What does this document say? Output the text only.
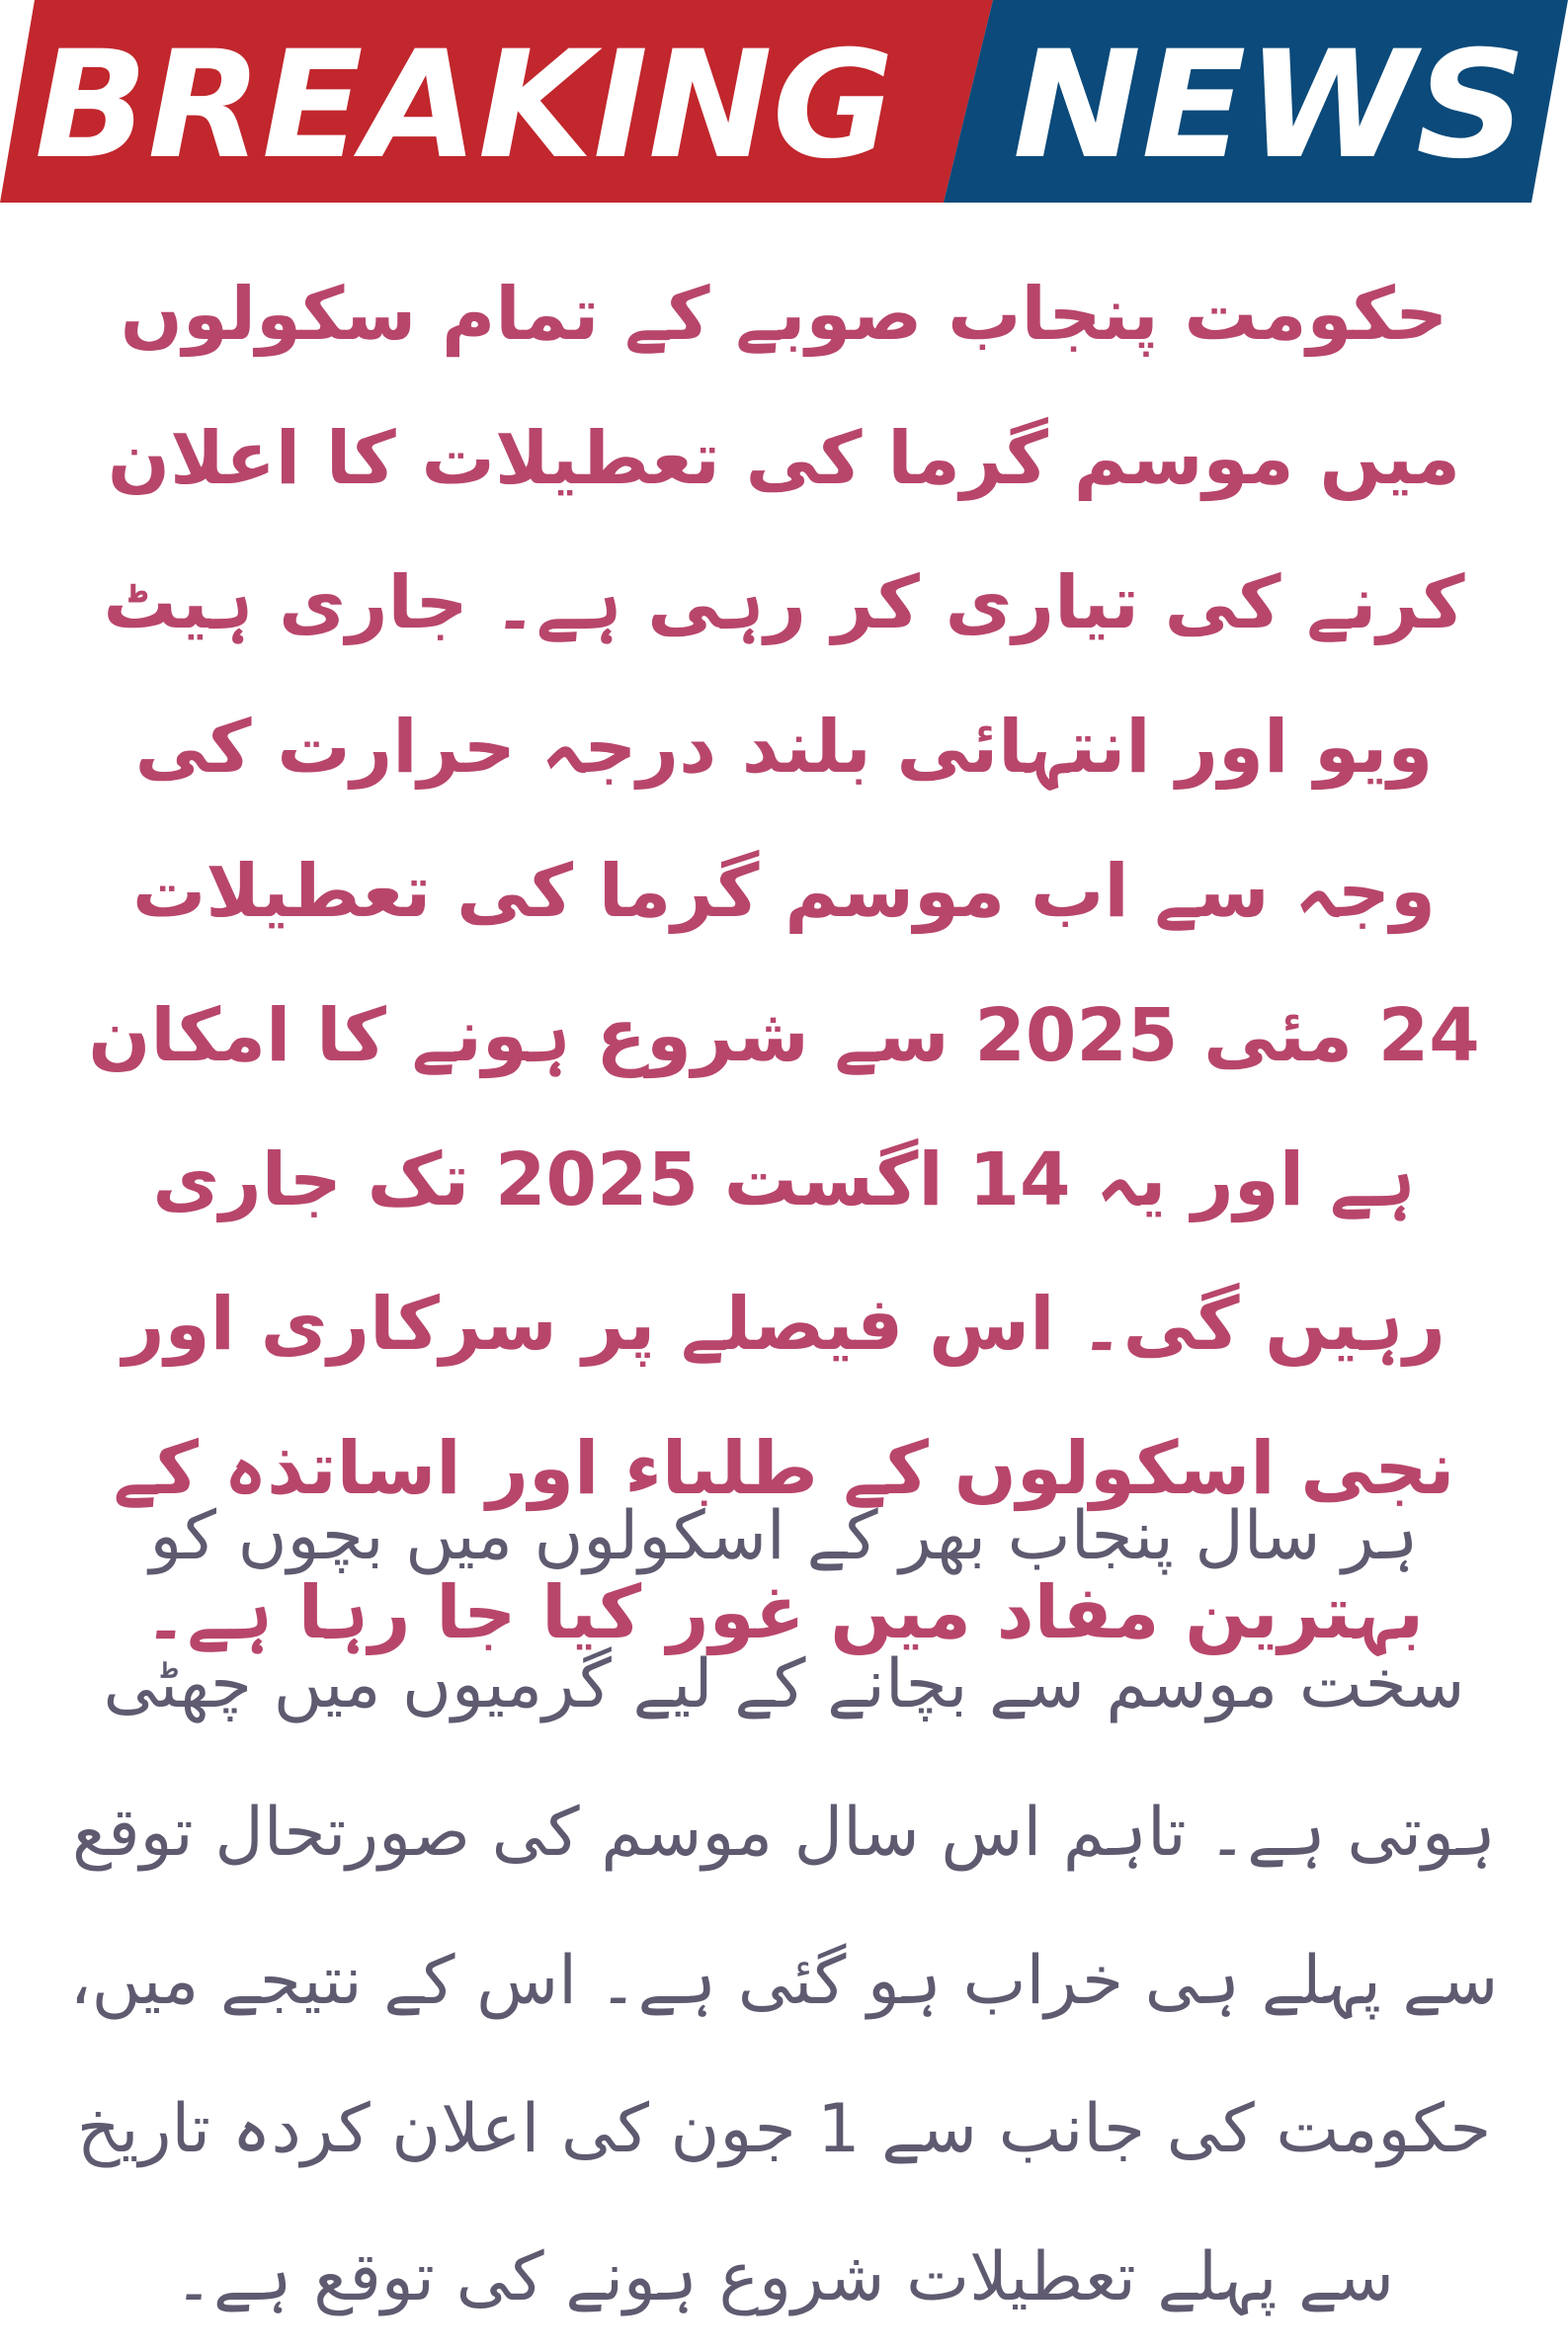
BREAKING NEWS

حکومت پنجاب صوبے کے تمام سکولوں میں موسم گرما کی تعطیلات کا اعلان کرنے کی تیاری کر رہی ہے۔ جاری ہیٹ ویو اور انتہائی بلند درجہ حرارت کی وجہ سے اب موسم گرما کی تعطیلات 24 مئی 2025 سے شروع ہونے کا امکان ہے اور یہ 14 اگست 2025 تک جاری رہیں گی۔ اس فیصلے پر سرکاری اور نجی اسکولوں کے طلباء اور اساتذہ کے بہترین مفاد میں غور کیا جا رہا ہے۔

ہر سال پنجاب بھر کے اسکولوں میں بچوں کو سخت موسم سے بچانے کے لیے گرمیوں میں چھٹی ہوتی ہے۔ تاہم اس سال موسم کی صورتحال توقع سے پہلے ہی خراب ہو گئی ہے۔ اس کے نتیجے میں، حکومت کی جانب سے 1 جون کی اعلان کردہ تاریخ سے پہلے تعطیلات شروع ہونے کی توقع ہے۔
